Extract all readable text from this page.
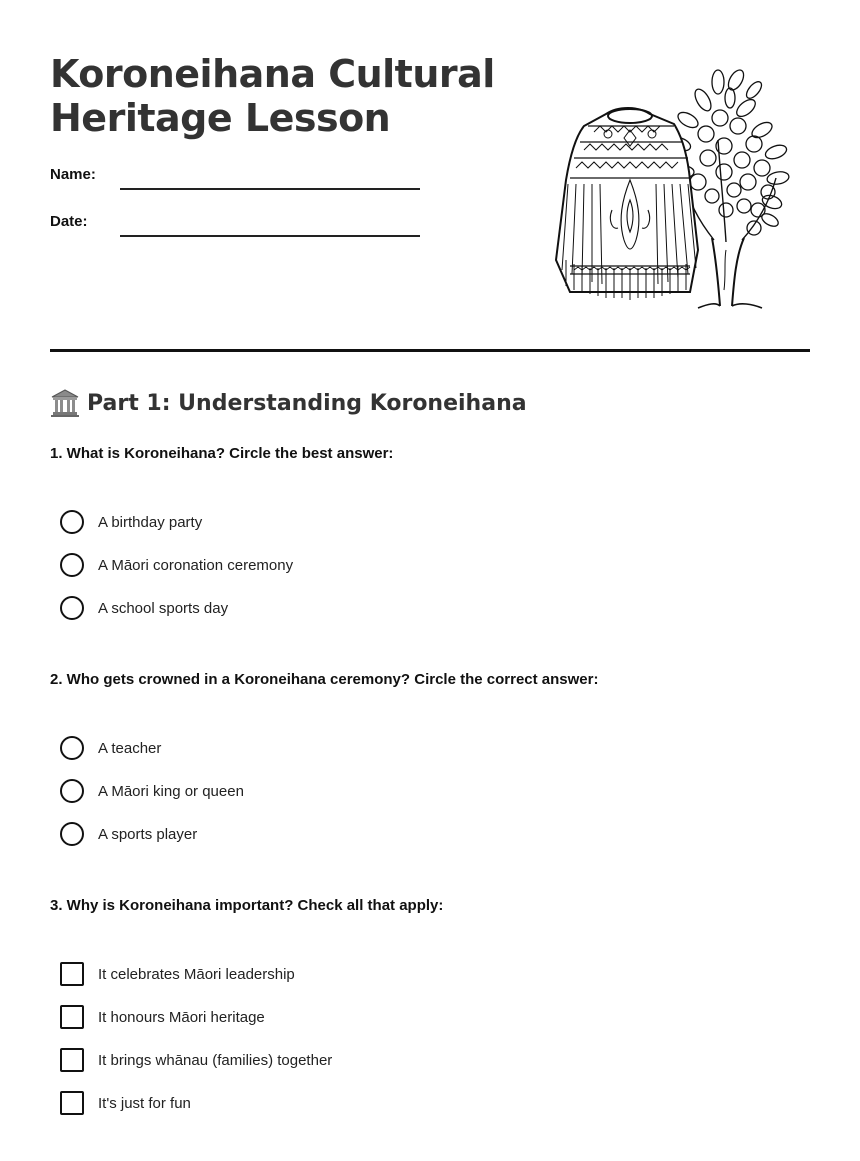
Koroneihana Cultural
Heritage Lesson
Name:
Date:
Part 1: Understanding Koroneihana
1. What is Koroneihana? Circle the best answer:
A birthday party
A Māori coronation ceremony
A school sports day
2. Who gets crowned in a Koroneihana ceremony? Circle the correct answer:
A teacher
A Māori king or queen
A sports player
3. Why is Koroneihana important? Check all that apply:
It celebrates Māori leadership
It honours Māori heritage
It brings whānau (families) together
It's just for fun
